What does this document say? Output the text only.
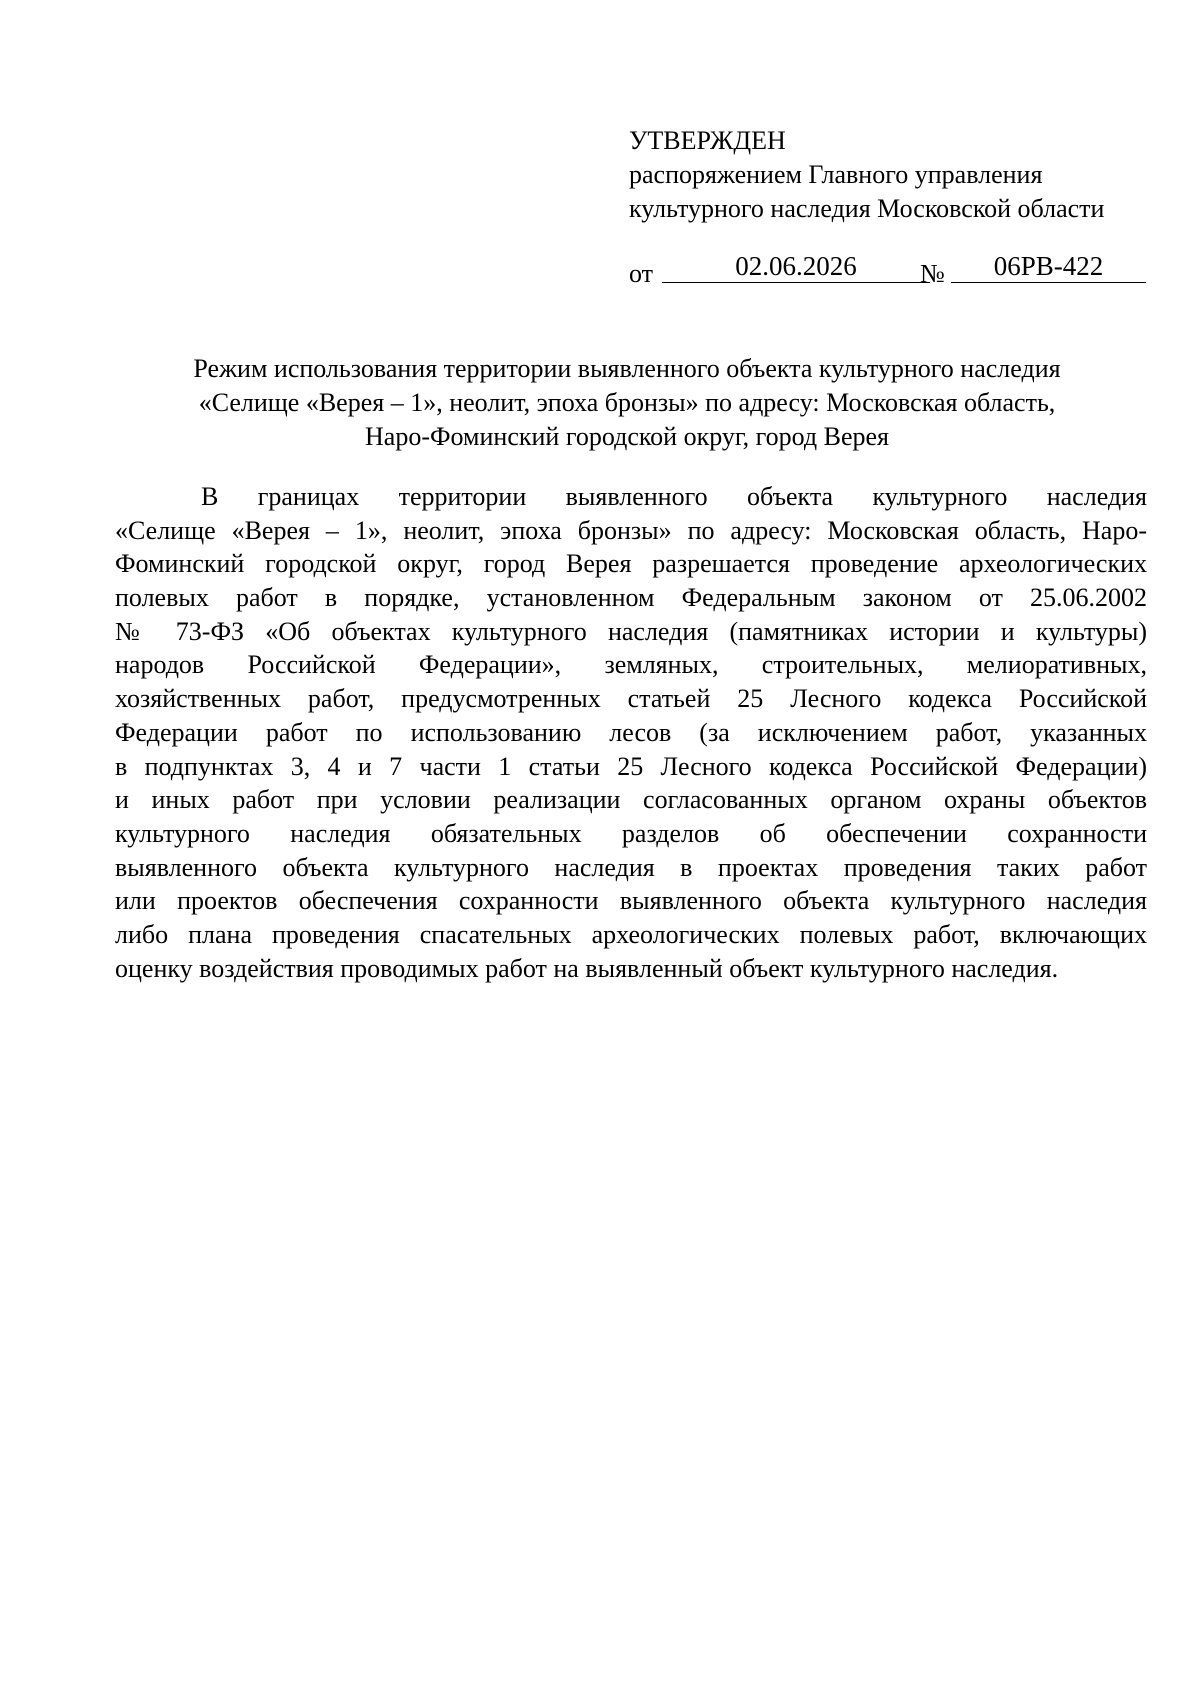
УТВЕРЖДЕН
распоряжением Главного управления
культурного наследия Московской области
от	02.06.2026	№	06РВ-422
Режим использования территории выявленного объекта культурного наследия
«Селище «Верея – 1», неолит, эпоха бронзы» по адресу: Московская область,
Наро-Фоминский городской округ, город Верея
В границах территории выявленного объекта культурного наследия
«Селище «Верея – 1», неолит, эпоха бронзы» по адресу: Московская область, Наро-
Фоминский городской округ, город Верея разрешается проведение археологических
полевых работ в порядке, установленном Федеральным законом от 25.06.2002
№ 73-ФЗ «Об объектах культурного наследия (памятниках истории и культуры)
народов Российской Федерации», земляных, строительных, мелиоративных,
хозяйственных работ, предусмотренных статьей 25 Лесного кодекса Российской
Федерации работ по использованию лесов (за исключением работ, указанных
в подпунктах 3, 4 и 7 части 1 статьи 25 Лесного кодекса Российской Федерации)
и иных работ при условии реализации согласованных органом охраны объектов
культурного наследия обязательных разделов об обеспечении сохранности
выявленного объекта культурного наследия в проектах проведения таких работ
или проектов обеспечения сохранности выявленного объекта культурного наследия
либо плана проведения спасательных археологических полевых работ, включающих
оценку воздействия проводимых работ на выявленный объект культурного наследия.
